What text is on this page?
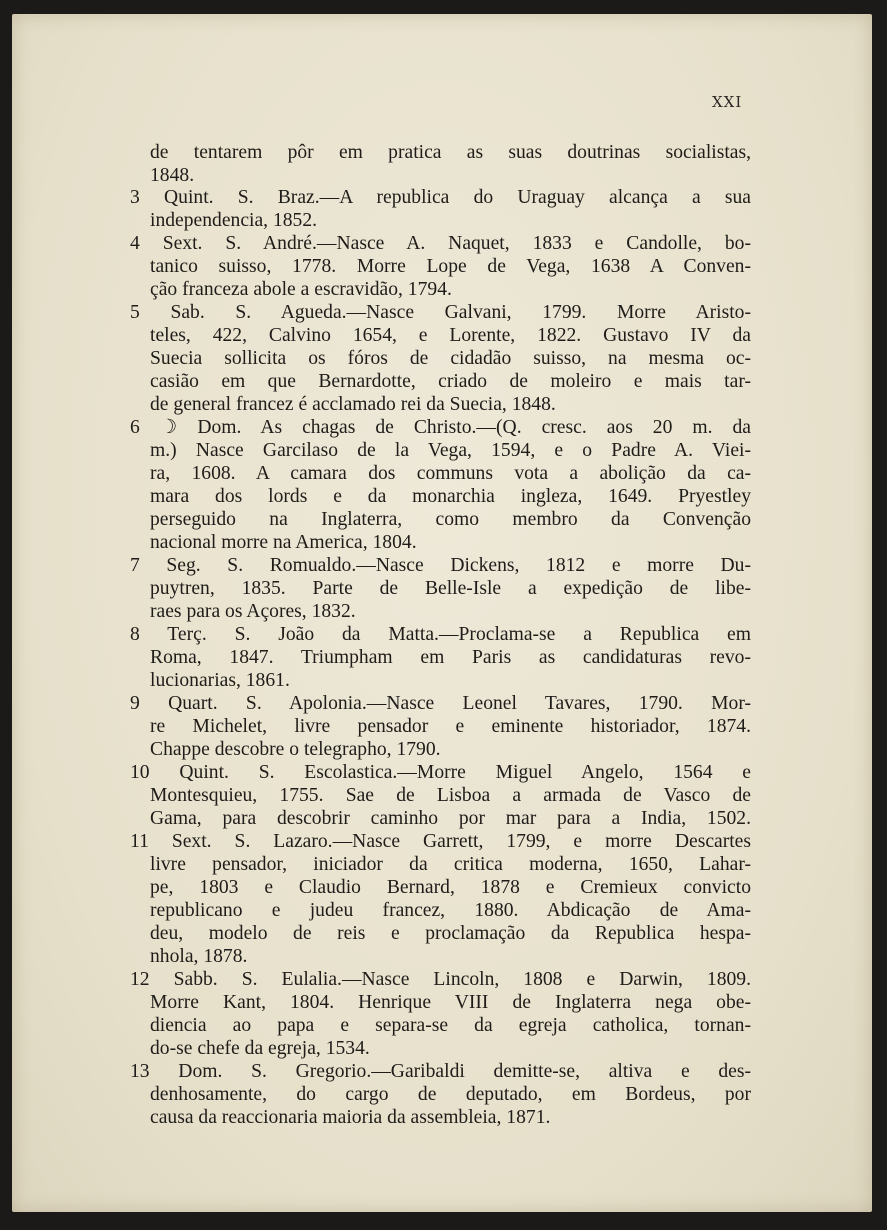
XXI
de tentarem pôr em pratica as suas doutrinas socialistas,
1848.
3 Quint. S. Braz.—A republica do Uraguay alcança a sua
independencia, 1852.
4 Sext. S. André.—Nasce A. Naquet, 1833 e Candolle, bo-
tanico suisso, 1778. Morre Lope de Vega, 1638 A Conven-
ção franceza abole a escravidão, 1794.
5 Sab. S. Agueda.—Nasce Galvani, 1799. Morre Aristo-
teles, 422, Calvino 1654, e Lorente, 1822. Gustavo IV da
Suecia sollicita os fóros de cidadão suisso, na mesma oc-
casião em que Bernardotte, criado de moleiro e mais tar-
de general francez é acclamado rei da Suecia, 1848.
6 ☽ Dom. As chagas de Christo.—(Q. cresc. aos 20 m. da
m.) Nasce Garcilaso de la Vega, 1594, e o Padre A. Viei-
ra, 1608. A camara dos communs vota a abolição da ca-
mara dos lords e da monarchia ingleza, 1649. Pryestley
perseguido na Inglaterra, como membro da Convenção
nacional morre na America, 1804.
7 Seg. S. Romualdo.—Nasce Dickens, 1812 e morre Du-
puytren, 1835. Parte de Belle-Isle a expedição de libe-
raes para os Açores, 1832.
8 Terç. S. João da Matta.—Proclama-se a Republica em
Roma, 1847. Triumpham em Paris as candidaturas revo-
lucionarias, 1861.
9 Quart. S. Apolonia.—Nasce Leonel Tavares, 1790. Mor-
re Michelet, livre pensador e eminente historiador, 1874.
Chappe descobre o telegrapho, 1790.
10 Quint. S. Escolastica.—Morre Miguel Angelo, 1564 e
Montesquieu, 1755. Sae de Lisboa a armada de Vasco de
Gama, para descobrir caminho por mar para a India, 1502.
11 Sext. S. Lazaro.—Nasce Garrett, 1799, e morre Descartes
livre pensador, iniciador da critica moderna, 1650, Lahar-
pe, 1803 e Claudio Bernard, 1878 e Cremieux convicto
republicano e judeu francez, 1880. Abdicação de Ama-
deu, modelo de reis e proclamação da Republica hespa-
nhola, 1878.
12 Sabb. S. Eulalia.—Nasce Lincoln, 1808 e Darwin, 1809.
Morre Kant, 1804. Henrique VIII de Inglaterra nega obe-
diencia ao papa e separa-se da egreja catholica, tornan-
do-se chefe da egreja, 1534.
13 Dom. S. Gregorio.—Garibaldi demitte-se, altiva e des-
denhosamente, do cargo de deputado, em Bordeus, por
causa da reaccionaria maioria da assembleia, 1871.
